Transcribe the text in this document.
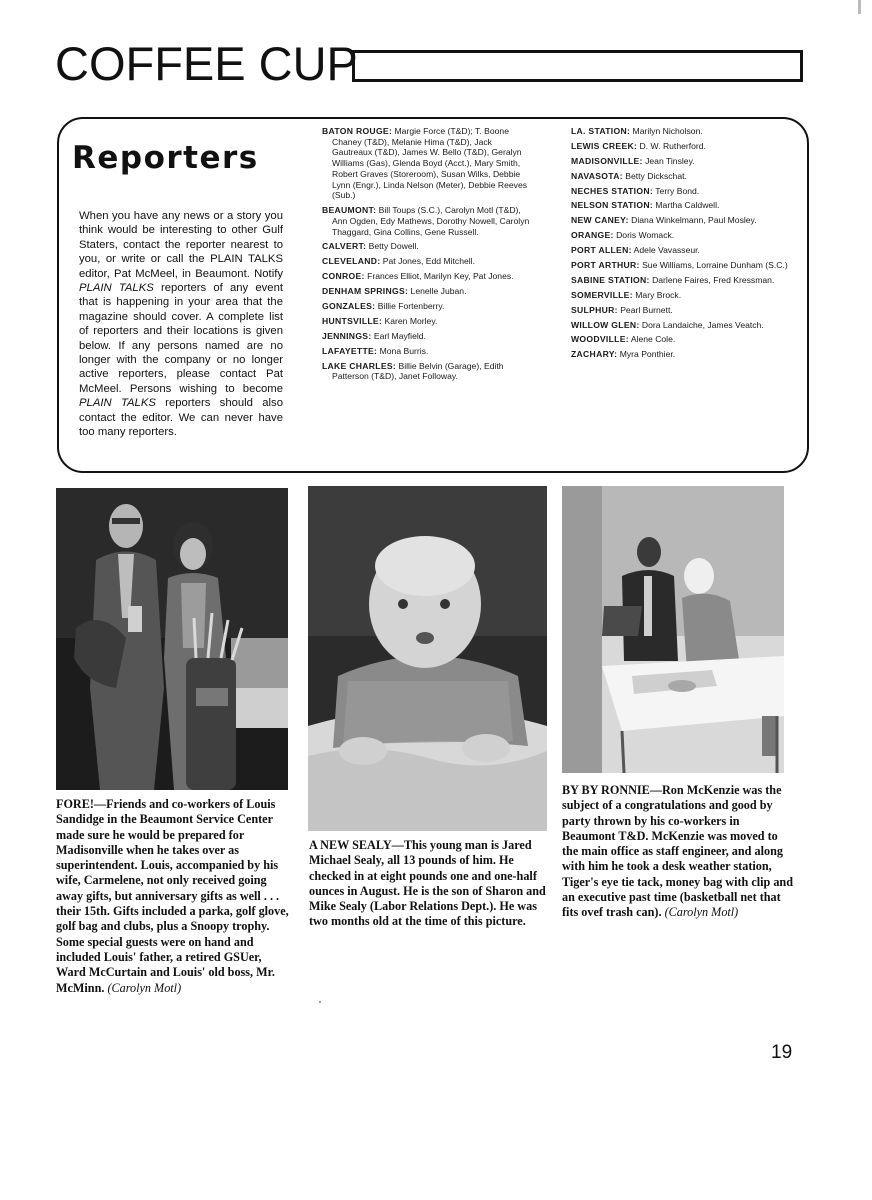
COFFEE CUP
Reporters
When you have any news or a story you think would be interesting to other Gulf Staters, contact the reporter nearest to you, or write or call the PLAIN TALKS editor, Pat McMeel, in Beaumont. Notify PLAIN TALKS reporters of any event that is happening in your area that the magazine should cover. A complete list of reporters and their locations is given below. If any persons named are no longer with the company or no longer active reporters, please contact Pat McMeel. Persons wishing to become PLAIN TALKS reporters should also contact the editor. We can never have too many reporters.
BATON ROUGE: Margie Force (T&D); T. Boone Chaney (T&D), Melanie Hima (T&D), Jack Gautreaux (T&D), James W. Bello (T&D), Geralyn Williams (Gas), Glenda Boyd (Acct.), Mary Smith, Robert Graves (Storeroom), Susan Wilks, Debbie Lynn (Engr.), Linda Nelson (Meter), Debbie Reeves (Sub.)
BEAUMONT: Bill Toups (S.C.), Carolyn Motl (T&D), Ann Ogden, Edy Mathews, Dorothy Nowell, Carolyn Thaggard, Gina Collins, Gene Russell.
CALVERT: Betty Dowell.
CLEVELAND: Pat Jones, Edd Mitchell.
CONROE: Frances Elliot, Marilyn Key, Pat Jones.
DENHAM SPRINGS: Lenelle Juban.
GONZALES: Billie Fortenberry.
HUNTSVILLE: Karen Morley.
JENNINGS: Earl Mayfield.
LAFAYETTE: Mona Burris.
LAKE CHARLES: Billie Belvin (Garage), Edith Patterson (T&D), Janet Followay.
LA. STATION: Marilyn Nicholson.
LEWIS CREEK: D. W. Rutherford.
MADISONVILLE: Jean Tinsley.
NAVASOTA: Betty Dickschat.
NECHES STATION: Terry Bond.
NELSON STATION: Martha Caldwell.
NEW CANEY: Diana Winkelmann, Paul Mosley.
ORANGE: Doris Womack.
PORT ALLEN: Adele Vavasseur.
PORT ARTHUR: Sue Williams, Lorraine Dunham (S.C.)
SABINE STATION: Darlene Faires, Fred Kressman.
SOMERVILLE: Mary Brock.
SULPHUR: Pearl Burnett.
WILLOW GLEN: Dora Landaiche, James Veatch.
WOODVILLE: Alene Cole.
ZACHARY: Myra Ponthier.
FORE!—Friends and co-workers of Louis Sandidge in the Beaumont Service Center made sure he would be prepared for Madisonville when he takes over as superintendent. Louis, accompanied by his wife, Carmelene, not only received going away gifts, but anniversary gifts as well . . . their 15th. Gifts included a parka, golf glove, golf bag and clubs, plus a Snoopy trophy. Some special guests were on hand and included Louis' father, a retired GSUer, Ward McCurtain and Louis' old boss, Mr. McMinn. (Carolyn Motl)
A NEW SEALY—This young man is Jared Michael Sealy, all 13 pounds of him. He checked in at eight pounds one and one-half ounces in August. He is the son of Sharon and Mike Sealy (Labor Relations Dept.). He was two months old at the time of this picture.
BY BY RONNIE—Ron McKenzie was the subject of a congratulations and good by party thrown by his co-workers in Beaumont T&D. McKenzie was moved to the main office as staff engineer, and along with him he took a desk weather station, Tiger's eye tie tack, money bag with clip and an executive past time (basketball net that fits ovef trash can). (Carolyn Motl)
19
